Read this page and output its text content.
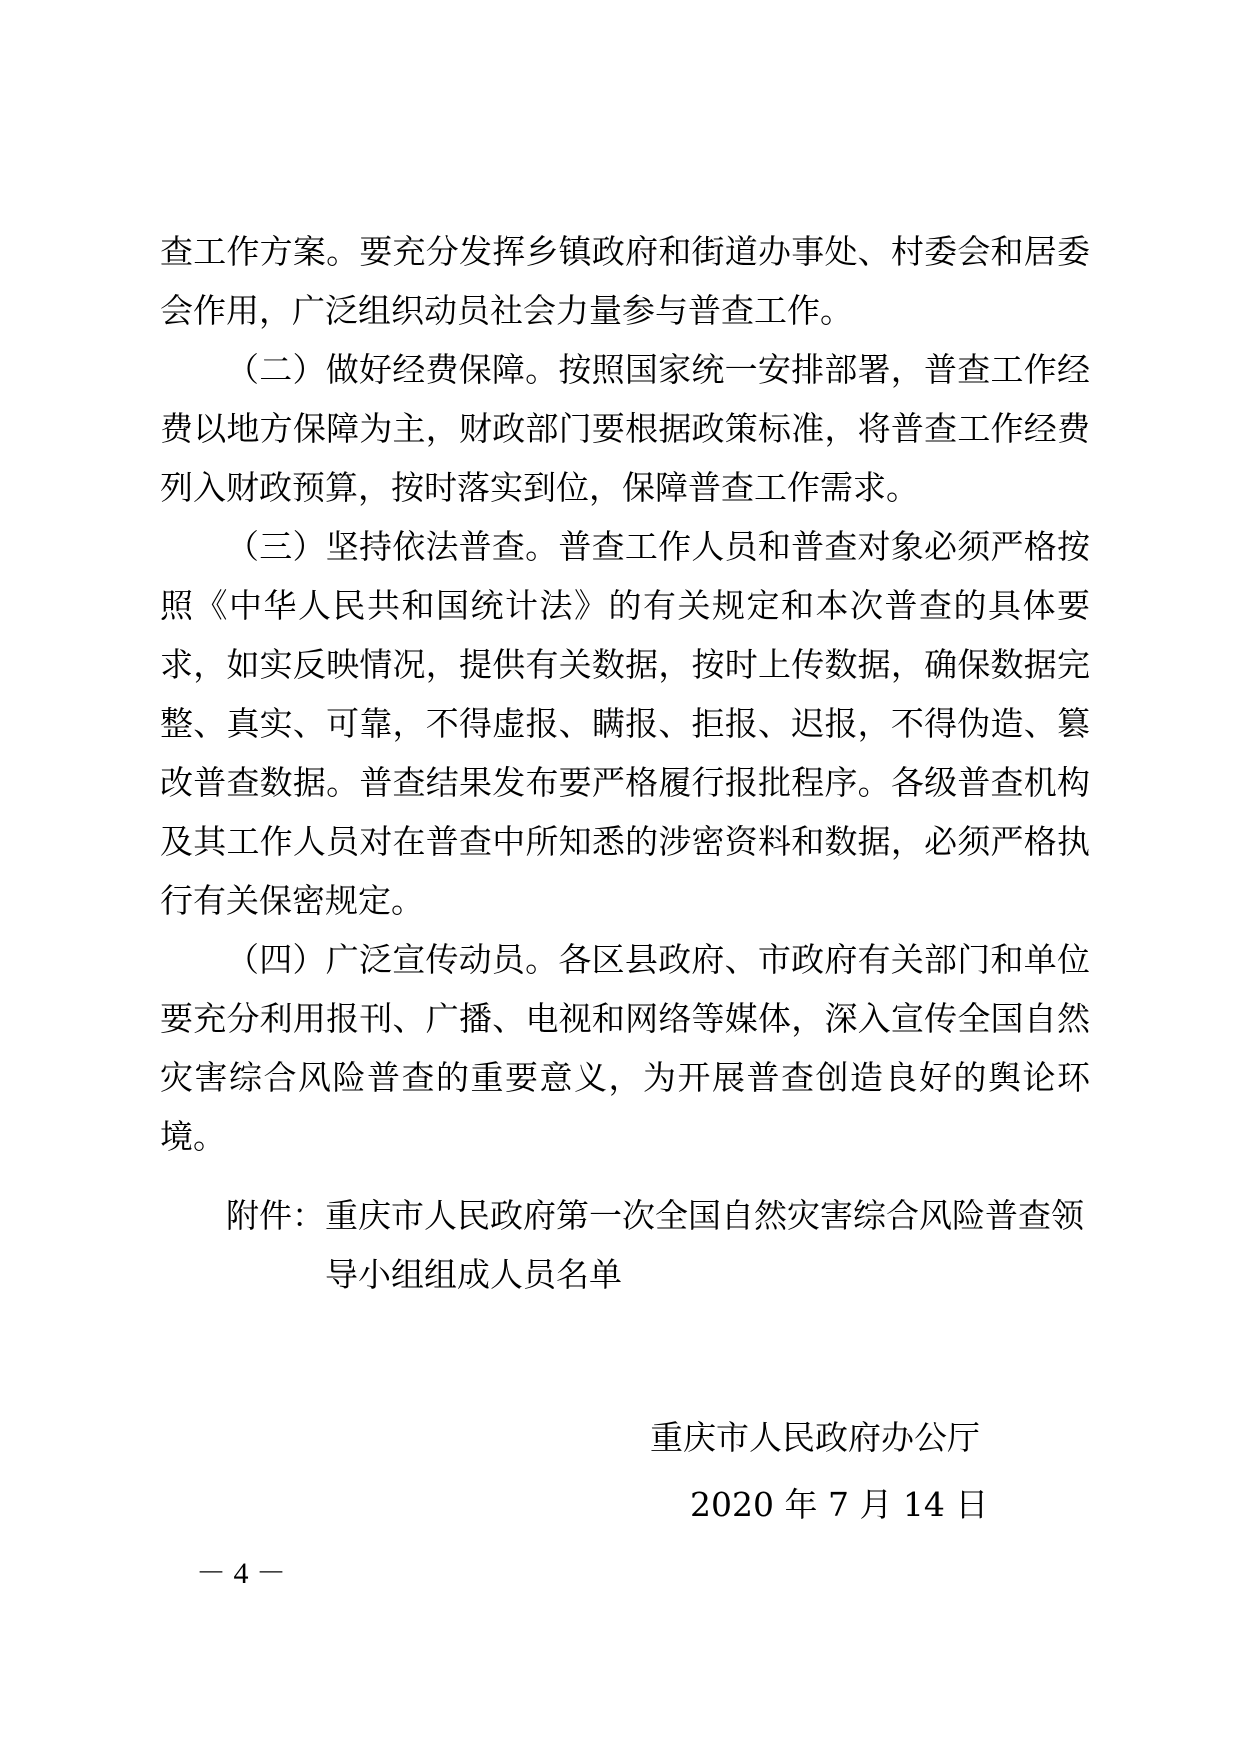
查工作方案。要充分发挥乡镇政府和街道办事处、村委会和居委会作用，广泛组织动员社会力量参与普查工作。

（二）做好经费保障。按照国家统一安排部署，普查工作经费以地方保障为主，财政部门要根据政策标准，将普查工作经费列入财政预算，按时落实到位，保障普查工作需求。

（三）坚持依法普查。普查工作人员和普查对象必须严格按照《中华人民共和国统计法》的有关规定和本次普查的具体要求，如实反映情况，提供有关数据，按时上传数据，确保数据完整、真实、可靠，不得虚报、瞒报、拒报、迟报，不得伪造、篡改普查数据。普查结果发布要严格履行报批程序。各级普查机构及其工作人员对在普查中所知悉的涉密资料和数据，必须严格执行有关保密规定。

（四）广泛宣传动员。各区县政府、市政府有关部门和单位要充分利用报刊、广播、电视和网络等媒体，深入宣传全国自然灾害综合风险普查的重要意义，为开展普查创造良好的舆论环境。

附件： 重庆市人民政府第一次全国自然灾害综合风险普查领导小组组成人员名单
重庆市人民政府办公厅
2020 年 7 月 14 日
－ 4 －
